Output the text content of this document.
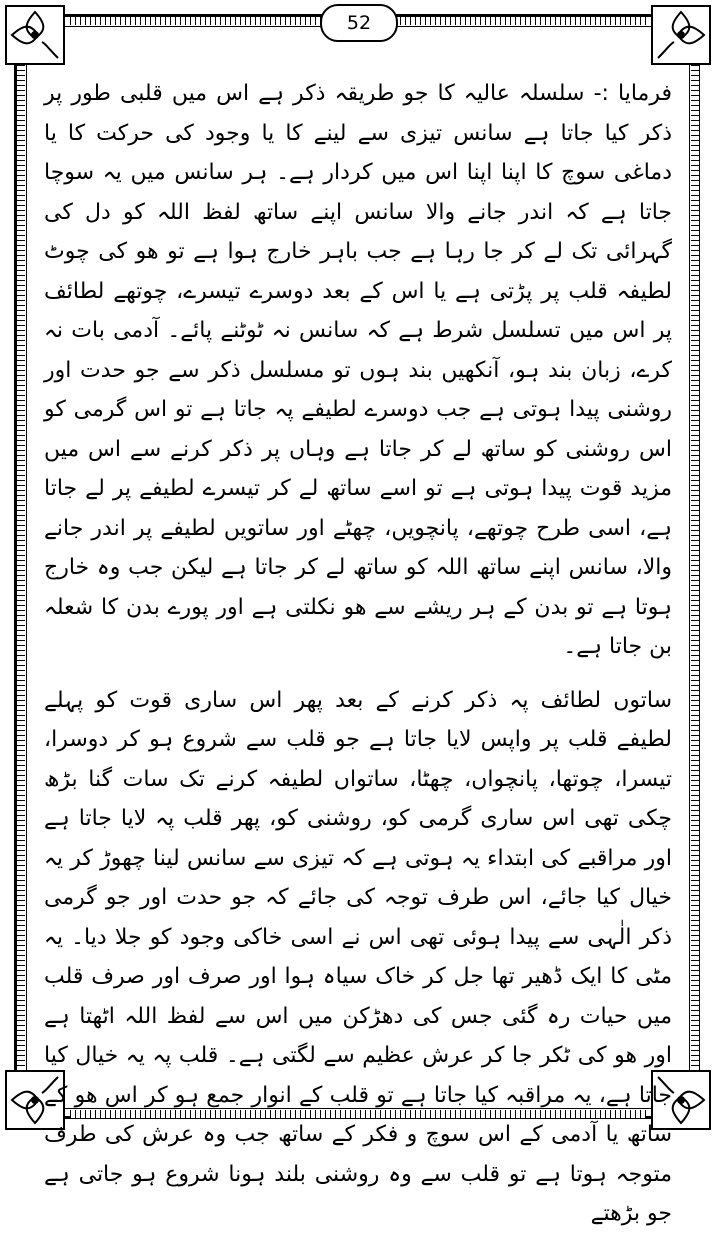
52

فرمایا :- سلسلہ عالیہ کا جو طریقہ ذکر ہے اس میں قلبی طور پر ذکر کیا جاتا ہے سانس تیزی سے لینے کا یا وجود کی حرکت کا یا دماغی سوچ کا اپنا اپنا اس میں کردار ہے۔ ہر سانس میں یہ سوچا جاتا ہے کہ اندر جانے والا سانس اپنے ساتھ لفظ اللہ کو دل کی گہرائی تک لے کر جا رہا ہے جب باہر خارج ہوا ہے تو ھو کی چوٹ لطیفہ قلب پر پڑتی ہے یا اس کے بعد دوسرے تیسرے، چوتھے لطائف پر اس میں تسلسل شرط ہے کہ سانس نہ ٹوٹنے پائے۔ آدمی بات نہ کرے، زبان بند ہو، آنکھیں بند ہوں تو مسلسل ذکر سے جو حدت اور روشنی پیدا ہوتی ہے جب دوسرے لطیفے پہ جاتا ہے تو اس گرمی کو اس روشنی کو ساتھ لے کر جاتا ہے وہاں پر ذکر کرنے سے اس میں مزید قوت پیدا ہوتی ہے تو اسے ساتھ لے کر تیسرے لطیفے پر لے جاتا ہے، اسی طرح چوتھے، پانچویں، چھٹے اور ساتویں لطیفے پر اندر جانے والا، سانس اپنے ساتھ اللہ کو ساتھ لے کر جاتا ہے لیکن جب وہ خارج ہوتا ہے تو بدن کے ہر ریشے سے ھو نکلتی ہے اور پورے بدن کا شعلہ بن جاتا ہے۔

ساتوں لطائف پہ ذکر کرنے کے بعد پھر اس ساری قوت کو پہلے لطیفے قلب پر واپس لایا جاتا ہے جو قلب سے شروع ہو کر دوسرا، تیسرا، چوتھا، پانچواں، چھٹا، ساتواں لطیفہ کرنے تک سات گنا بڑھ چکی تھی اس ساری گرمی کو، روشنی کو، پھر قلب پہ لایا جاتا ہے اور مراقبے کی ابتداء یہ ہوتی ہے کہ تیزی سے سانس لینا چھوڑ کر یہ خیال کیا جائے، اس طرف توجہ کی جائے کہ جو حدت اور جو گرمی ذکر الٰہی سے پیدا ہوئی تھی اس نے اسی خاکی وجود کو جلا دیا۔ یہ مٹی کا ایک ڈھیر تھا جل کر خاک سیاہ ہوا اور صرف اور صرف قلب میں حیات رہ گئی جس کی دھڑکن میں اس سے لفظ اللہ اٹھتا ہے اور ھو کی ٹکر جا کر عرش عظیم سے لگتی ہے۔ قلب پہ یہ خیال کیا جاتا ہے، یہ مراقبہ کیا جاتا ہے تو قلب کے انوار جمع ہو کر اس ھو کے ساتھ یا آدمی کے اس سوچ و فکر کے ساتھ جب وہ عرش کی طرف متوجہ ہوتا ہے تو قلب سے وہ روشنی بلند ہونا شروع ہو جاتی ہے جو بڑھتے
